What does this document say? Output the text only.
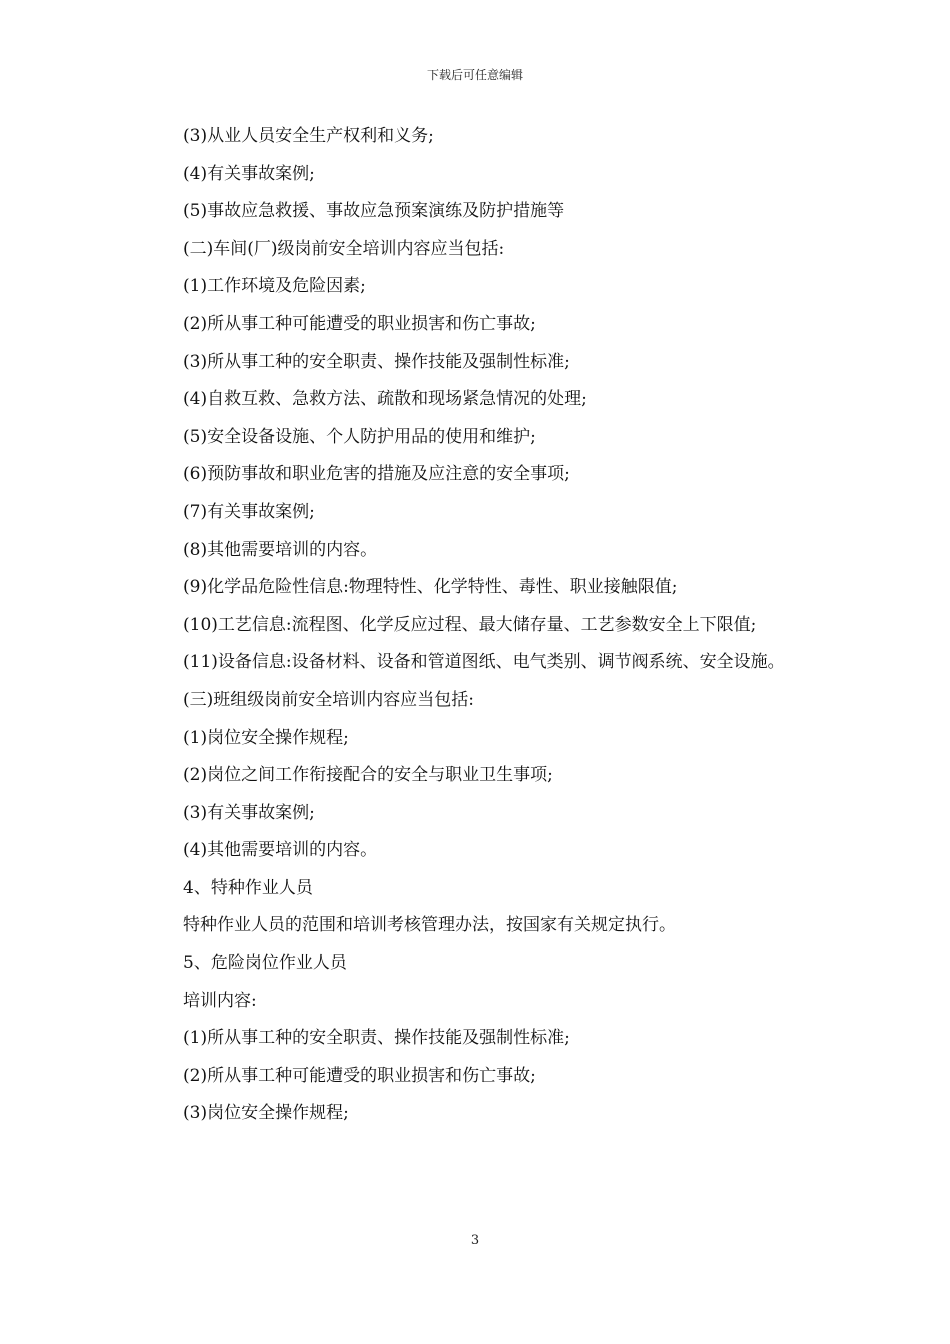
下载后可任意编辑
(3)从业人员安全生产权利和义务;
(4)有关事故案例;
(5)事故应急救援、事故应急预案演练及防护措施等
(二)车间(厂)级岗前安全培训内容应当包括:
(1)工作环境及危险因素;
(2)所从事工种可能遭受的职业损害和伤亡事故;
(3)所从事工种的安全职责、操作技能及强制性标准;
(4)自救互救、急救方法、疏散和现场紧急情况的处理;
(5)安全设备设施、个人防护用品的使用和维护;
(6)预防事故和职业危害的措施及应注意的安全事项;
(7)有关事故案例;
(8)其他需要培训的内容。
(9)化学品危险性信息:物理特性、化学特性、毒性、职业接触限值;
(10)工艺信息:流程图、化学反应过程、最大储存量、工艺参数安全上下限值;
(11)设备信息:设备材料、设备和管道图纸、电气类别、调节阀系统、安全设施。
(三)班组级岗前安全培训内容应当包括:
(1)岗位安全操作规程;
(2)岗位之间工作衔接配合的安全与职业卫生事项;
(3)有关事故案例;
(4)其他需要培训的内容。
4、特种作业人员
特种作业人员的范围和培训考核管理办法，按国家有关规定执行。
5、危险岗位作业人员
培训内容:
(1)所从事工种的安全职责、操作技能及强制性标准;
(2)所从事工种可能遭受的职业损害和伤亡事故;
(3)岗位安全操作规程;
3
